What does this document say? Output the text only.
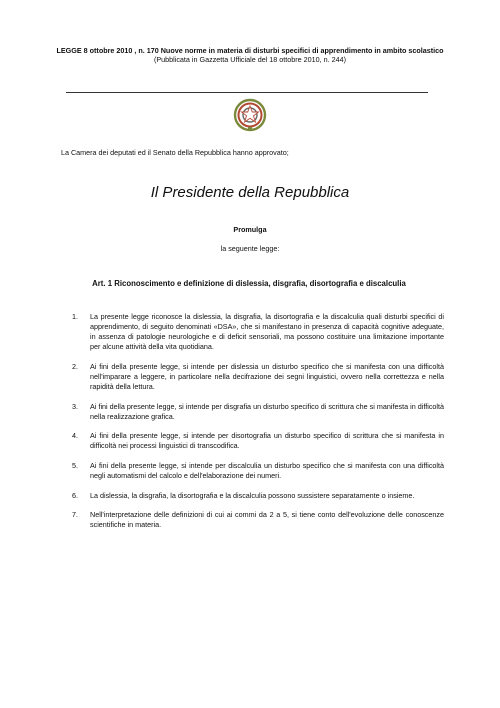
LEGGE 8 ottobre 2010 , n. 170 Nuove norme in materia di disturbi specifici di apprendimento in ambito scolastico
(Pubblicata in Gazzetta Ufficiale del 18 ottobre 2010, n. 244)
La Camera dei deputati ed il Senato della Repubblica hanno approvato;
Il Presidente della Repubblica
Promulga
la seguente legge:
Art. 1 Riconoscimento e definizione di dislessia, disgrafia, disortografia e discalculia
1. La presente legge riconosce la dislessia, la disgrafia, la disortografia e la discalculia quali disturbi specifici di apprendimento, di seguito denominati «DSA», che si manifestano in presenza di capacità cognitive adeguate, in assenza di patologie neurologiche e di deficit sensoriali, ma possono costituire una limitazione importante per alcune attività della vita quotidiana.
2. Ai fini della presente legge, si intende per dislessia un disturbo specifico che si manifesta con una difficoltà nell'imparare a leggere, in particolare nella decifrazione dei segni linguistici, ovvero nella correttezza e nella rapidità della lettura.
3. Ai fini della presente legge, si intende per disgrafia un disturbo specifico di scrittura che si manifesta in difficoltà nella realizzazione grafica.
4. Ai fini della presente legge, si intende per disortografia un disturbo specifico di scrittura che si manifesta in difficoltà nei processi linguistici di transcodifica.
5. Ai fini della presente legge, si intende per discalculia un disturbo specifico che si manifesta con una difficoltà negli automatismi del calcolo e dell'elaborazione dei numeri.
6. La dislessia, la disgrafia, la disortografia e la discalculia possono sussistere separatamente o insieme.
7. Nell'interpretazione delle definizioni di cui ai commi da 2 a 5, si tiene conto dell'evoluzione delle conoscenze scientifiche in materia.
